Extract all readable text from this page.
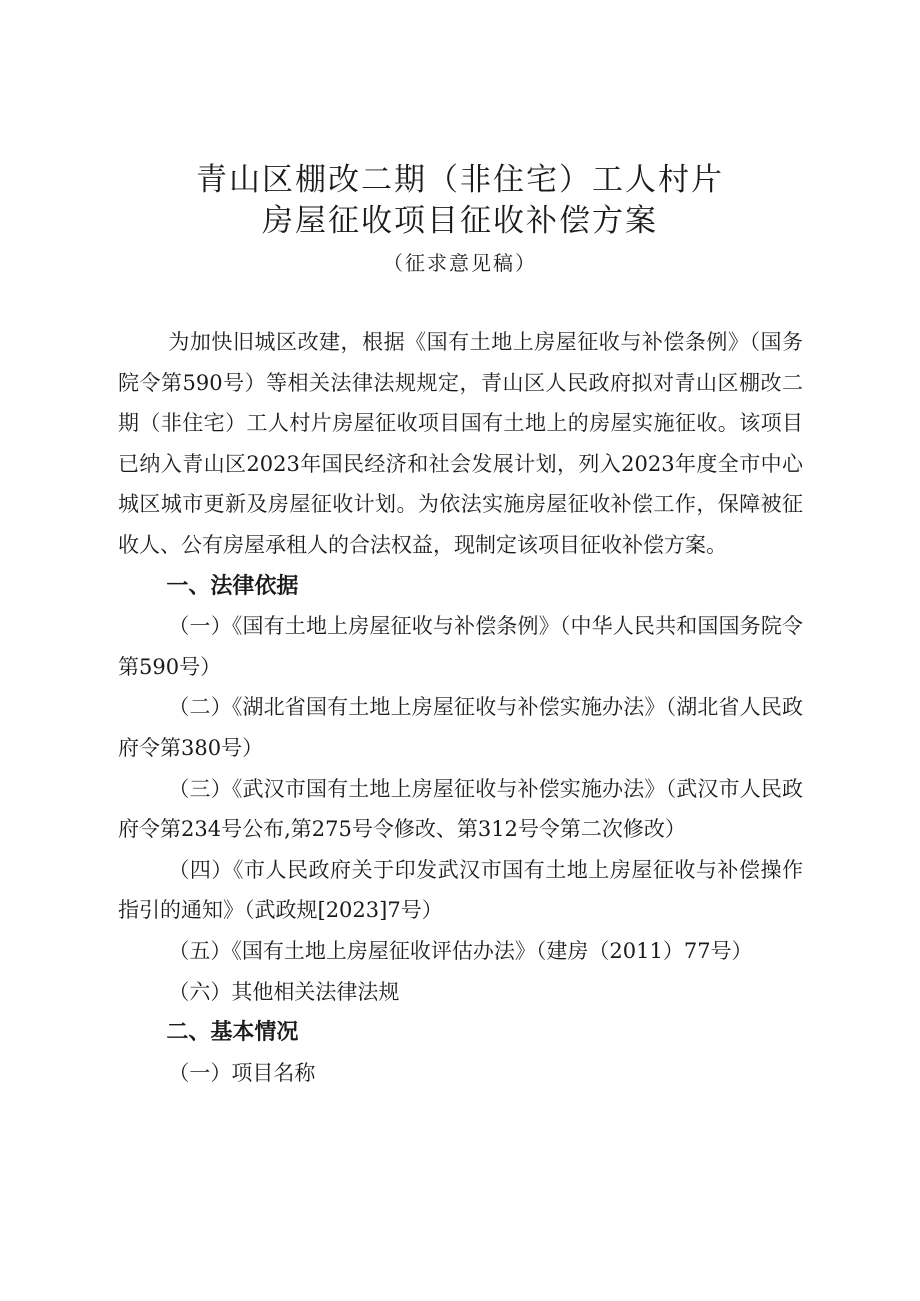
青山区棚改二期（非住宅）工人村片
房屋征收项目征收补偿方案
（征求意见稿）

为加快旧城区改建，根据《国有土地上房屋征收与补偿条例》（国务院令第590号）等相关法律法规规定，青山区人民政府拟对青山区棚改二期（非住宅）工人村片房屋征收项目国有土地上的房屋实施征收。该项目已纳入青山区2023年国民经济和社会发展计划，列入2023年度全市中心城区城市更新及房屋征收计划。为依法实施房屋征收补偿工作，保障被征收人、公有房屋承租人的合法权益，现制定该项目征收补偿方案。

一、法律依据

（一）《国有土地上房屋征收与补偿条例》（中华人民共和国国务院令第590号）

（二）《湖北省国有土地上房屋征收与补偿实施办法》（湖北省人民政府令第380号）

（三）《武汉市国有土地上房屋征收与补偿实施办法》（武汉市人民政府令第234号公布,第275号令修改、第312号令第二次修改）

（四）《市人民政府关于印发武汉市国有土地上房屋征收与补偿操作指引的通知》（武政规[2023]7号）

（五）《国有土地上房屋征收评估办法》（建房（2011）77号）

（六）其他相关法律法规

二、基本情况

（一）项目名称
